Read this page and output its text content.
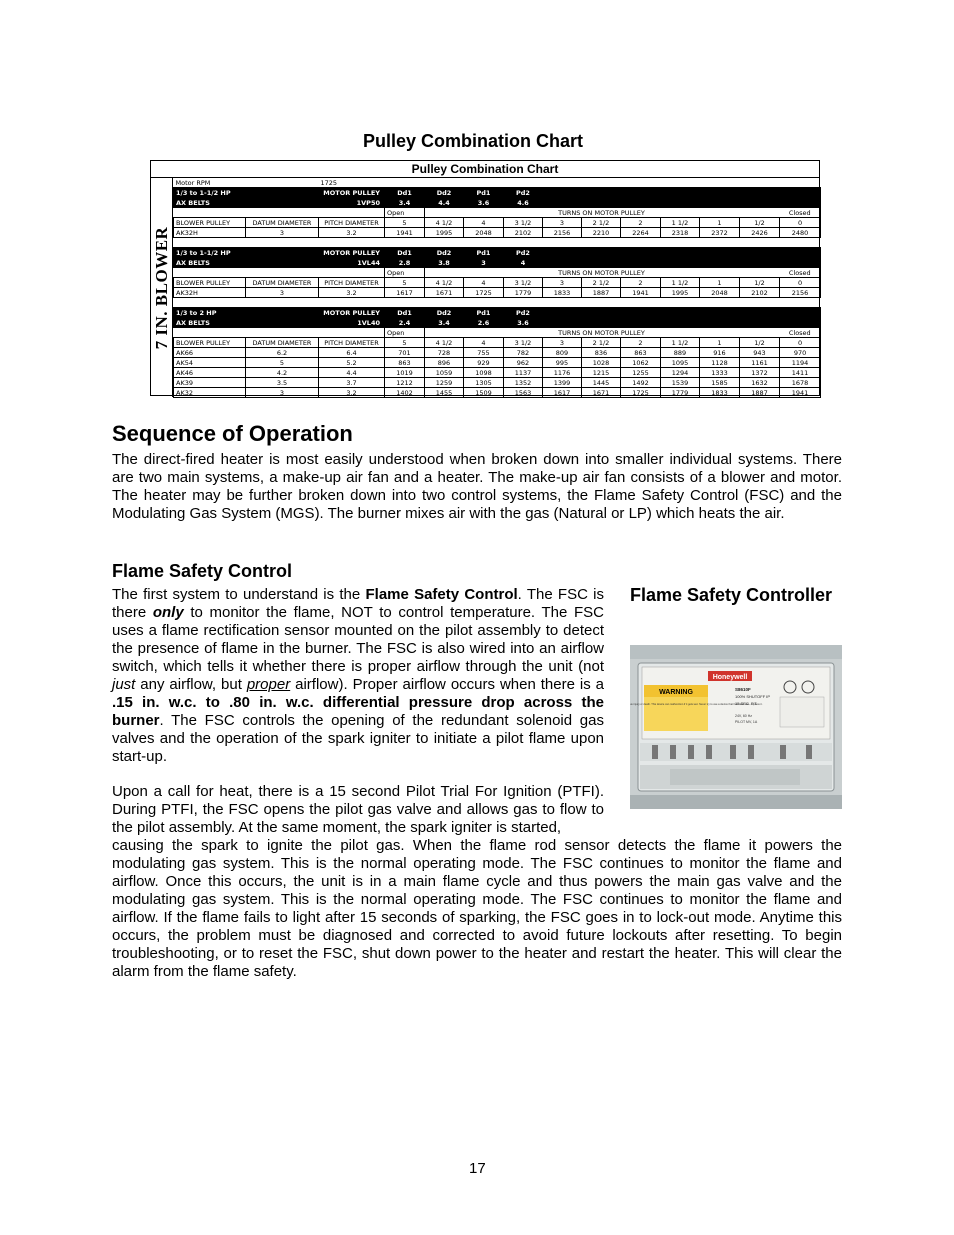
Pulley Combination Chart
Pulley Combination Chart
7 IN. BLOWER
Motor RPM		1725											
1/3 to 1-1/2 HP		MOTOR PULLEY	Dd1	Dd2	Pd1	Pd2							
AX BELTS		1VP50	3.4	4.4	3.6	4.6							
			Open				TURNS ON MOTOR PULLEY						Closed
BLOWER PULLEY	DATUM DIAMETER	PITCH DIAMETER	5	4 1/2	4	3 1/2	3	2 1/2	2	1 1/2	1	1/2	0
AK32H	3	3.2	1941	1995	2048	2102	2156	2210	2264	2318	2372	2426	2480

1/3 to 1-1/2 HP		MOTOR PULLEY	Dd1	Dd2	Pd1	Pd2							
AX BELTS		1VL44	2.8	3.8	3	4							
			Open				TURNS ON MOTOR PULLEY						Closed
BLOWER PULLEY	DATUM DIAMETER	PITCH DIAMETER	5	4 1/2	4	3 1/2	3	2 1/2	2	1 1/2	1	1/2	0
AK32H	3	3.2	1617	1671	1725	1779	1833	1887	1941	1995	2048	2102	2156

1/3 to 2 HP		MOTOR PULLEY	Dd1	Dd2	Pd1	Pd2							
AX BELTS		1VL40	2.4	3.4	2.6	3.6							
			Open				TURNS ON MOTOR PULLEY						Closed
BLOWER PULLEY	DATUM DIAMETER	PITCH DIAMETER	5	4 1/2	4	3 1/2	3	2 1/2	2	1 1/2	1	1/2	0
AK66	6.2	6.4	701	728	755	782	809	836	863	889	916	943	970
AK54	5	5.2	863	896	929	962	995	1028	1062	1095	1128	1161	1194
AK46	4.2	4.4	1019	1059	1098	1137	1176	1215	1255	1294	1333	1372	1411
AK39	3.5	3.7	1212	1259	1305	1352	1399	1445	1492	1539	1585	1632	1678
AK32	3	3.2	1402	1455	1509	1563	1617	1671	1725	1779	1833	1887	1941
Sequence of Operation
The direct-fired heater is most easily understood when broken down into smaller individual systems. There are two main systems, a make-up air fan and a heater. The make-up air fan consists of a blower and motor. The heater may be further broken down into two control systems, the Flame Safety Control (FSC) and the Modulating Gas System (MGS). The burner mixes air with the gas (Natural or LP) which heats the air.
Flame Safety Control
The first system to understand is the Flame Safety Control. The FSC is there only to monitor the flame, NOT to control temperature. The FSC uses a flame rectification sensor mounted on the pilot assembly to detect the presence of flame in the burner. The FSC is also wired into an airflow switch, which tells it whether there is proper airflow through the unit (not just any airflow, but proper airflow). Proper airflow occurs when there is a .15 in. w.c. to .80 in. w.c. differential pressure drop across the burner. The FSC controls the opening of the redundant solenoid gas valves and the operation of the spark igniter to initiate a pilot flame upon start-up.
Upon a call for heat, there is a 15 second Pilot Trial For Ignition (PTFI). During PTFI, the FSC opens the pilot gas valve and allows gas to flow to the pilot assembly. At the same moment, the spark igniter is started,
causing the spark to ignite the pilot gas. When the flame rod sensor detects the flame it powers the modulating gas system. This is the normal operating mode. The FSC continues to monitor the flame and airflow. Once this occurs, the unit is in a main flame cycle and thus powers the main gas valve and the modulating gas system. This is the normal operating mode. The FSC continues to monitor the flame and airflow. If the flame fails to light after 15 seconds of sparking, the FSC goes in to lock-out mode. Anytime this occurs, the problem must be diagnosed and corrected to avoid future lockouts after resetting. To begin troubleshooting, or to reset the FSC, shut down power to the heater and restart the heater. This will clear the alarm from the flame safety.
Flame Safety Controller
Honeywell
WARNING
us injury or death. This device can malfunction if it gets wet. Never try to use a device that has been wet - replace it.
S8610F
100% SHUTOFF IP
15 SEC. P.T.
24V, 60 Hz
PILOT MV, 1A
17
